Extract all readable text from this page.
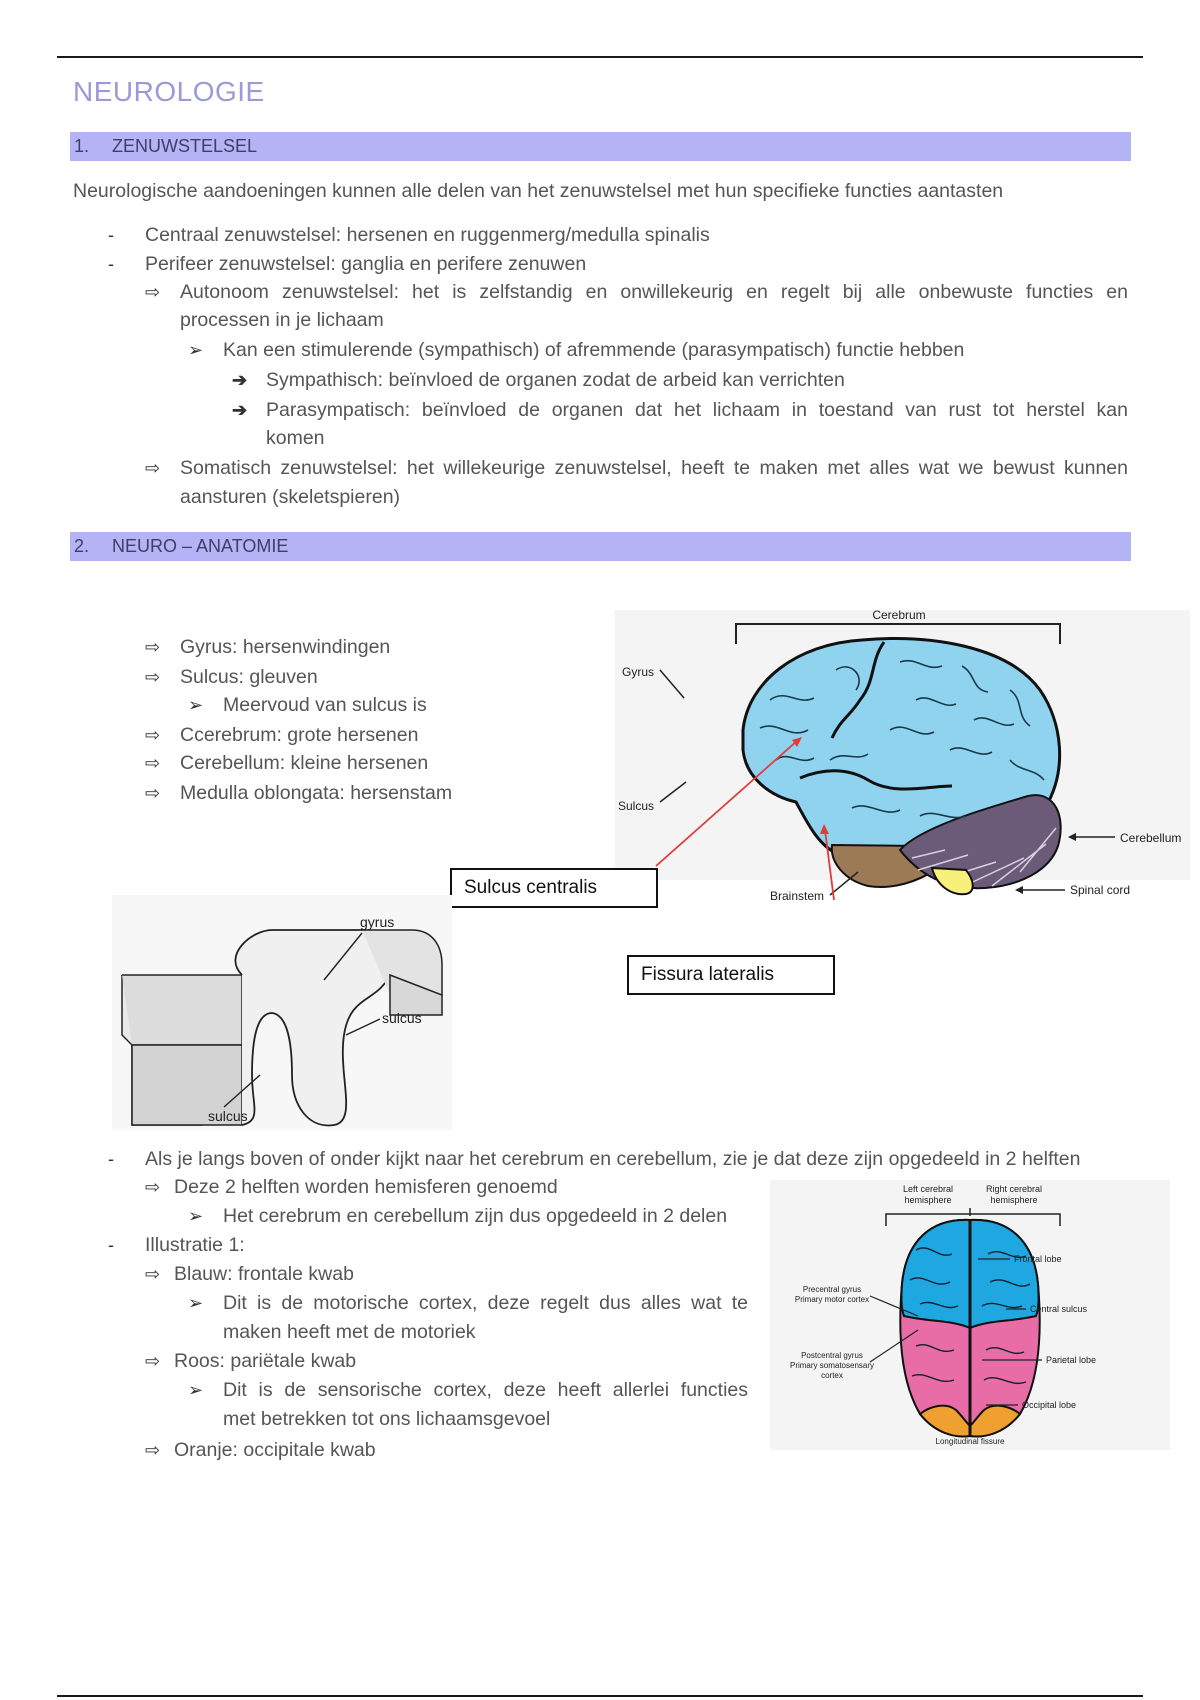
NEUROLOGIE
1. ZENUWSTELSEL
Neurologische aandoeningen kunnen alle delen van het zenuwstelsel met hun specifieke functies aantasten
- Centraal zenuwstelsel: hersenen en ruggenmerg/medulla spinalis
- Perifeer zenuwstelsel: ganglia en perifere zenuwen
⇨ Autonoom zenuwstelsel: het is zelfstandig en onwillekeurig en regelt bij alle onbewuste functies en
processen in je lichaam
➢ Kan een stimulerende (sympathisch) of afremmende (parasympatisch) functie hebben
➔ Sympathisch: beïnvloed de organen zodat de arbeid kan verrichten
➔ Parasympatisch: beïnvloed de organen dat het lichaam in toestand van rust tot herstel kan
komen
⇨ Somatisch zenuwstelsel: het willekeurige zenuwstelsel, heeft te maken met alles wat we bewust kunnen
aansturen (skeletspieren)
2. NEURO – ANATOMIE
⇨ Gyrus: hersenwindingen
⇨ Sulcus: gleuven
➢ Meervoud van sulcus is
⇨ Ccerebrum: grote hersenen
⇨ Cerebellum: kleine hersenen
⇨ Medulla oblongata: hersenstam
Cerebrum
Gyrus
Sulcus
Cerebellum
Brainstem	Spinal cord
Sulcus centralis
Fissura lateralis
gyrus
sulcus
sulcus
- Als je langs boven of onder kijkt naar het cerebrum en cerebellum, zie je dat deze zijn opgedeeld in 2 helften
⇨ Deze 2 helften worden hemisferen genoemd
➢ Het cerebrum en cerebellum zijn dus opgedeeld in 2 delen
- Illustratie 1:
⇨ Blauw: frontale kwab
➢ Dit is de motorische cortex, deze regelt dus alles wat te
maken heeft met de motoriek
⇨ Roos: pariëtale kwab
➢ Dit is de sensorische cortex, deze heeft allerlei functies
met betrekken tot ons lichaamsgevoel
⇨ Oranje: occipitale kwab
Left cerebral
hemisphere
Right cerebral
hemisphere
Frontal lobe
Central sulcus
Parietal lobe
Occipital lobe
Longitudinal fissure
Precentral gyrus
Primary motor cortex
Postcentral gyrus
Primary somatosensary
cortex
